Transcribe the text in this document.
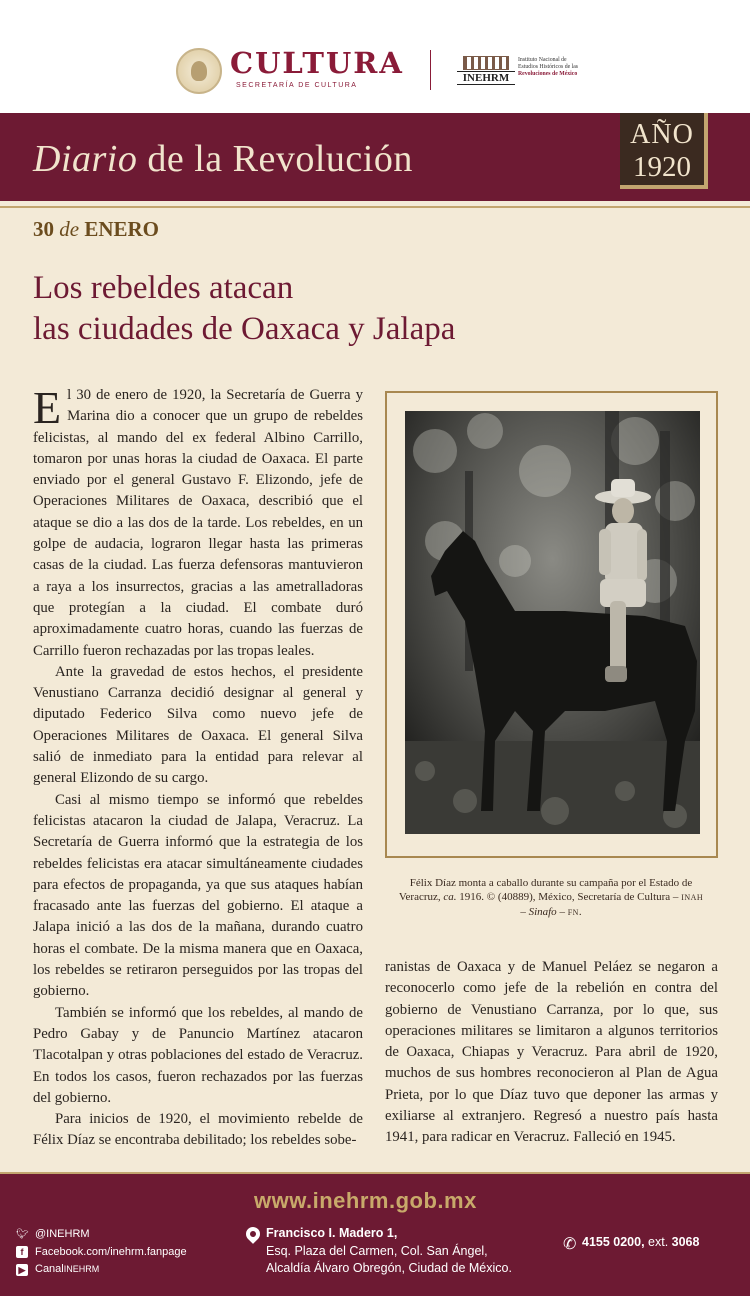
CULTURA
SECRETARÍA DE CULTURA
INEHRM
Instituto Nacional de
Estudios Históricos de las
Revoluciones de México
Diario de la Revolución
AÑO
1920
30 de ENERO
Los rebeldes atacan
las ciudades de Oaxaca y Jalapa

El 30 de enero de 1920, la Secretaría de Guerra y Marina dio a conocer que un grupo de rebeldes felicistas, al mando del ex federal Albino Carrillo, tomaron por unas horas la ciudad de Oaxaca. El parte enviado por el general Gustavo F. Elizondo, jefe de Operaciones Militares de Oaxaca, describió que el ataque se dio a las dos de la tarde. Los rebeldes, en un golpe de audacia, lograron llegar hasta las primeras casas de la ciudad. Las fuerza defensoras mantuvieron a raya a los insurrectos, gracias a las ametralladoras que protegían a la ciudad. El combate duró aproximadamente cuatro horas, cuando las fuerzas de Carrillo fueron rechazadas por las tropas leales.

Ante la gravedad de estos hechos, el presidente Venustiano Carranza decidió designar al general y diputado Federico Silva como nuevo jefe de Operaciones Militares de Oaxaca. El general Silva salió de inmediato para la entidad para relevar al general Elizondo de su cargo.

Casi al mismo tiempo se informó que rebeldes felicistas atacaron la ciudad de Jalapa, Veracruz. La Secretaría de Guerra informó que la estrategia de los rebeldes felicistas era atacar simultáneamente ciudades para efectos de propaganda, ya que sus ataques habían fracasado ante las fuerzas del gobierno. El ataque a Jalapa inició a las dos de la mañana, durando cuatro horas el combate. De la misma manera que en Oaxaca, los rebeldes se retiraron perseguidos por las tropas del gobierno.

También se informó que los rebeldes, al mando de Pedro Gabay y de Panuncio Martínez atacaron Tlacotalpan y otras poblaciones del estado de Veracruz. En todos los casos, fueron rechazados por las fuerzas del gobierno.

Para inicios de 1920, el movimiento rebelde de Félix Díaz se encontraba debilitado; los rebeldes sobe-

Félix Díaz monta a caballo durante su campaña por el Estado de Veracruz, ca. 1916. © (40889), México, Secretaría de Cultura – INAH – Sinafo – FN.

ranistas de Oaxaca y de Manuel Peláez se negaron a reconocerlo como jefe de la rebelión en contra del gobierno de Venustiano Carranza, por lo que, sus operaciones militares se limitaron a algunos territorios de Oaxaca, Chiapas y Veracruz. Para abril de 1920, muchos de sus hombres reconocieron al Plan de Agua Prieta, por lo que Díaz tuvo que deponer las armas y exiliarse al extranjero. Regresó a nuestro país hasta 1941, para radicar en Veracruz. Falleció en 1945.

www.inehrm.gob.mx
🐦︎ @INEHRM
f	Facebook.com/inehrm.fanpage
▶ Canal INEHRM
Francisco I. Madero 1,
Esq. Plaza del Carmen, Col. San Ángel,
Alcaldía Álvaro Obregón, Ciudad de México.
✆ 4155 0200, ext. 3068
